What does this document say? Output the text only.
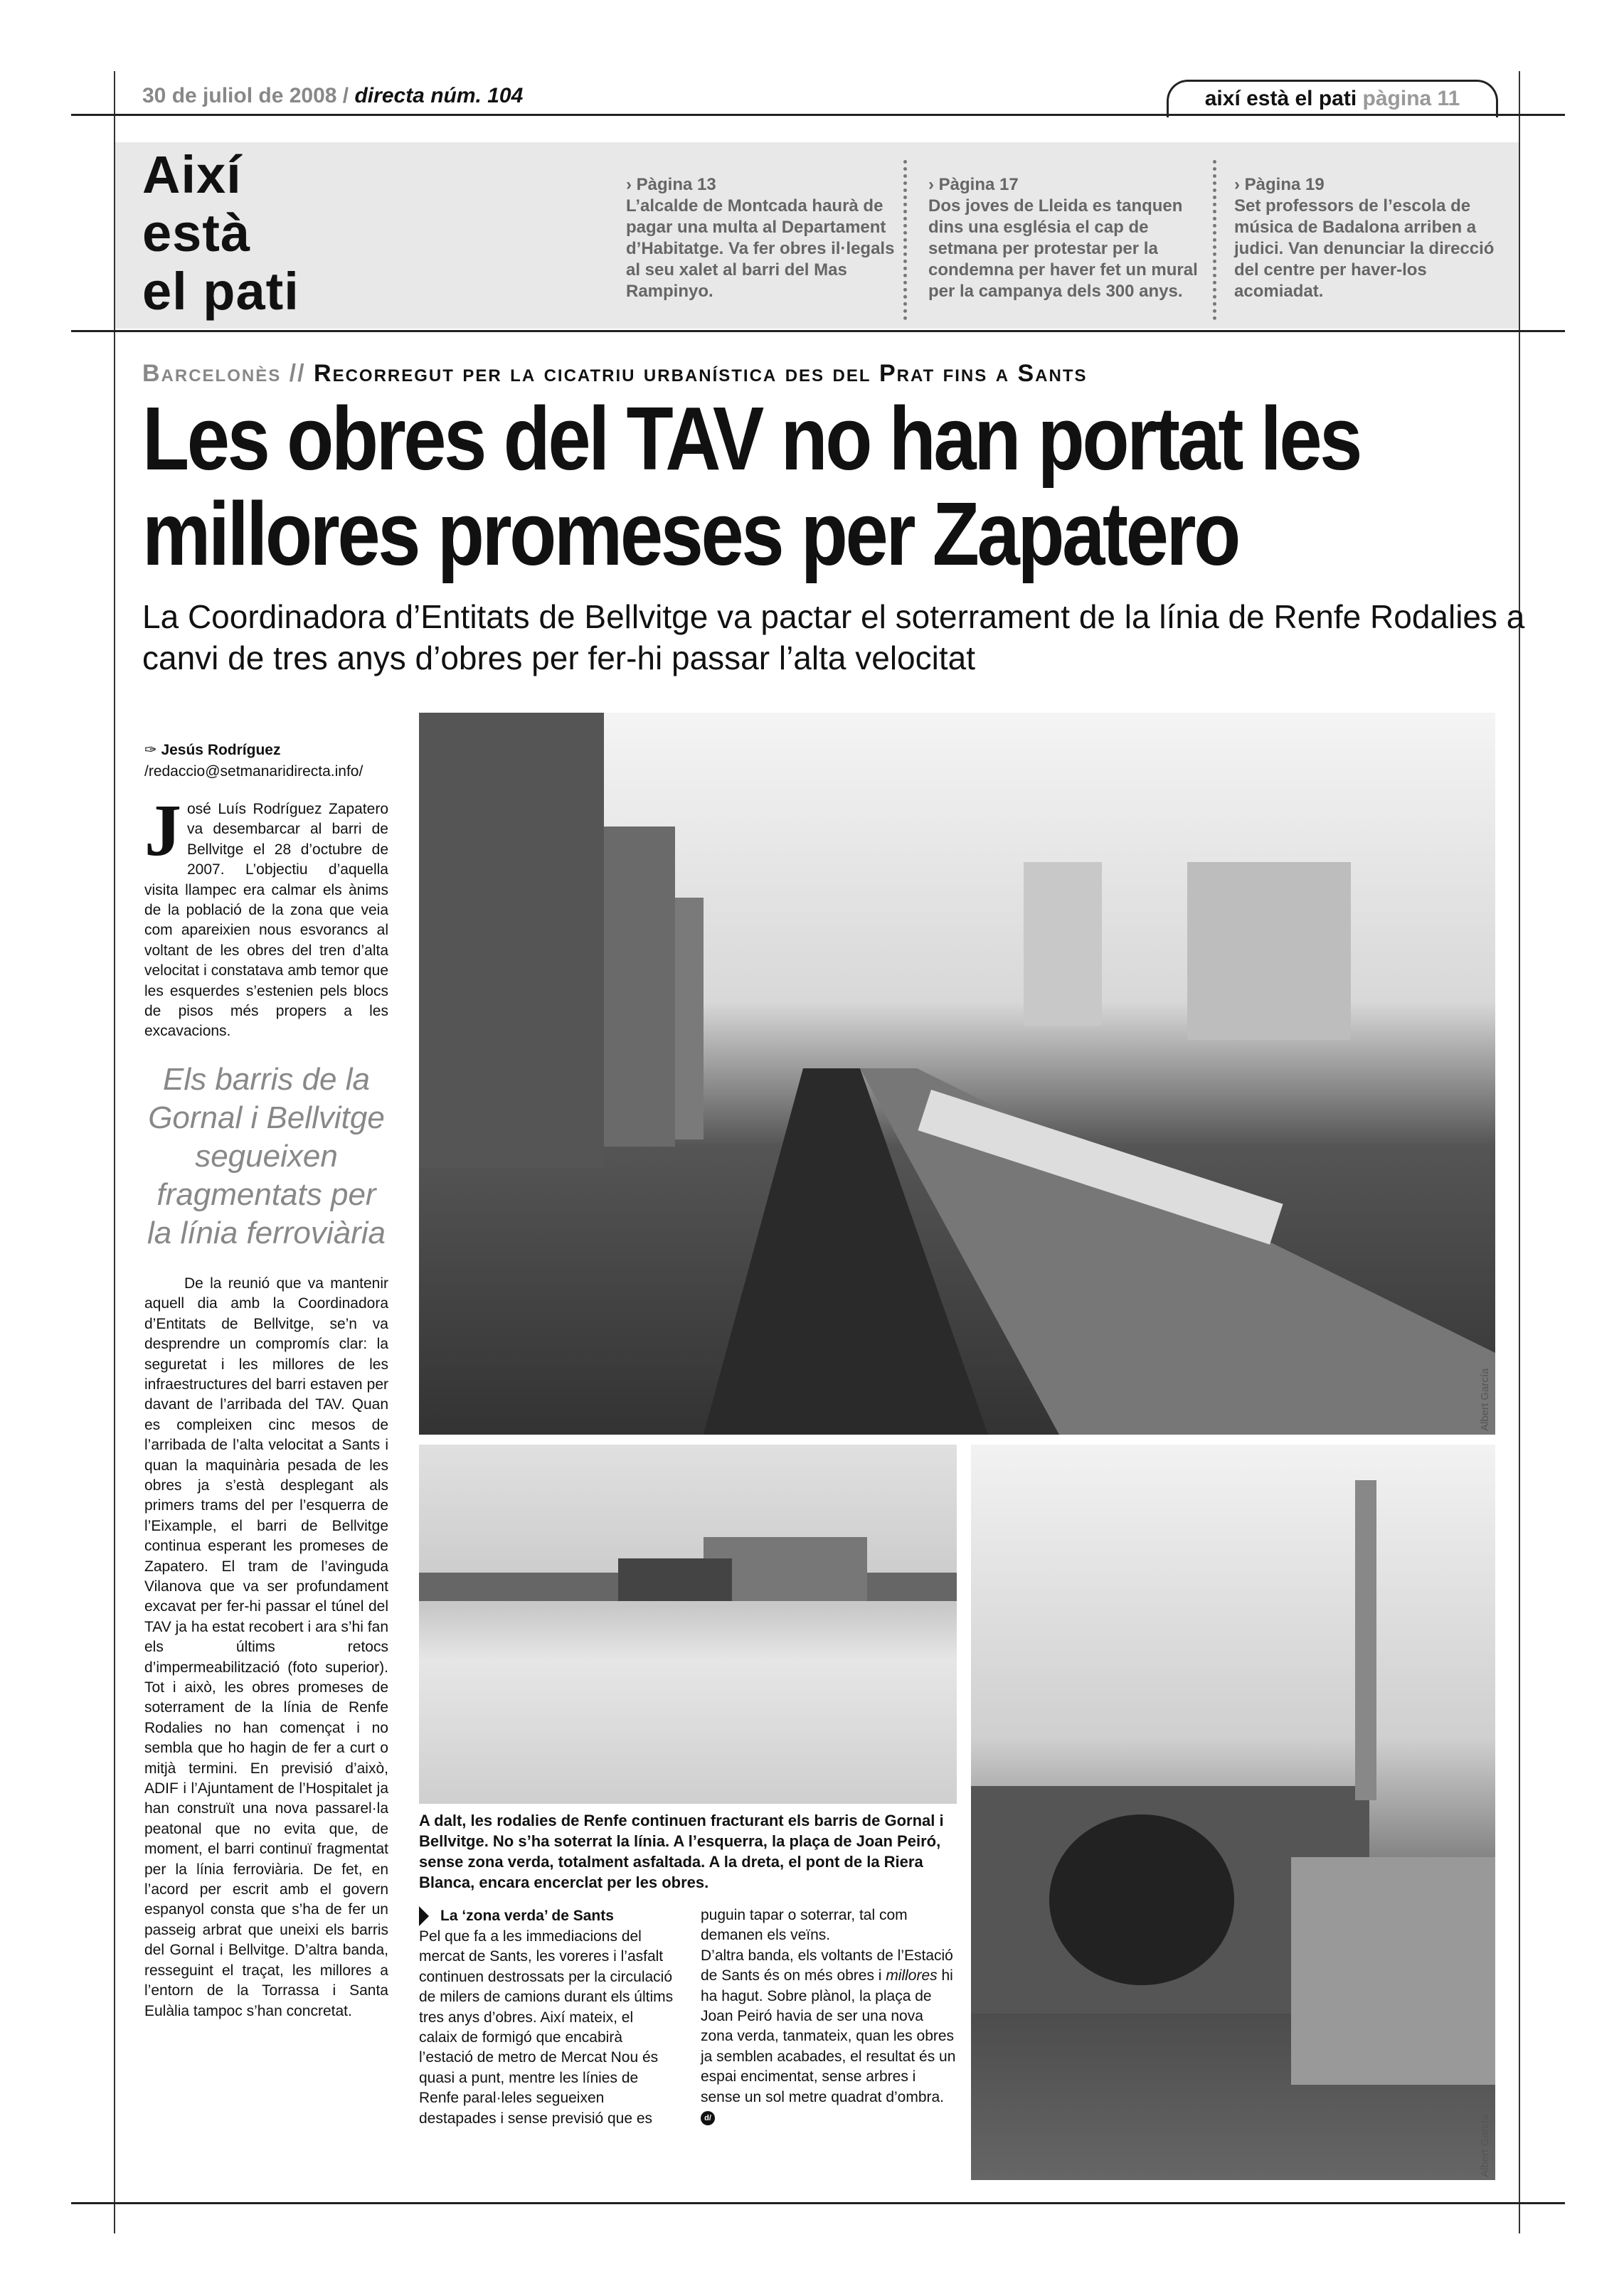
30 de juliol de 2008 / directa núm. 104	així està el pati pàgina 11
Així
està
el pati
› Pàgina 13
L’alcalde de Montcada haurà de pagar una multa al Departament d’Habitatge. Va fer obres il·legals al seu xalet al barri del Mas Rampinyo.
› Pàgina 17
Dos joves de Lleida es tanquen dins una església el cap de setmana per protestar per la condemna per haver fet un mural per la campanya dels 300 anys.
› Pàgina 19
Set professors de l’escola de música de Badalona arriben a judici. Van denunciar la direcció del centre per haver-los acomiadat.
Barcelonès // Recorregut per la cicatriu urbanística des del Prat fins a Sants
Les obres del TAV no han portat les millores promeses per Zapatero
La Coordinadora d’Entitats de Bellvitge va pactar el soterrament de la línia de Renfe Rodalies a canvi de tres anys d’obres per fer-hi passar l’alta velocitat
✑ Jesús Rodríguez
/redaccio@setmanaridirecta.info/
José Luís Rodríguez Zapatero va desembarcar al barri de Bellvitge el 28 d’octubre de 2007. L’objectiu d’aquella visita llampec era calmar els ànims de la població de la zona que veia com apareixien nous esvorancs al voltant de les obres del tren d’alta velocitat i constatava amb temor que les esquerdes s’estenien pels blocs de pisos més propers a les excavacions.
Els barris de la Gornal i Bellvitge segueixen fragmentats per la línia ferroviària
De la reunió que va mantenir aquell dia amb la Coordinadora d’Entitats de Bellvitge, se’n va desprendre un compromís clar: la seguretat i les millores de les infraestructures del barri estaven per davant de l’arribada del TAV. Quan es compleixen cinc mesos de l’arribada de l’alta velocitat a Sants i quan la maquinària pesada de les obres ja s’està desplegant als primers trams del per l’esquerra de l’Eixample, el barri de Bellvitge continua esperant les promeses de Zapatero. El tram de l’avinguda Vilanova que va ser profundament excavat per fer-hi passar el túnel del TAV ja ha estat recobert i ara s’hi fan els últims retocs d’impermeabilització (foto superior). Tot i això, les obres promeses de soterrament de la línia de Renfe Rodalies no han començat i no sembla que ho hagin de fer a curt o mitjà termini. En previsió d’això, ADIF i l’Ajuntament de l’Hospitalet ja han construït una nova passarel·la peatonal que no evita que, de moment, el barri continuï fragmentat per la línia ferroviària. De fet, en l’acord per escrit amb el govern espanyol consta que s’ha de fer un passeig arbrat que uneixi els barris del Gornal i Bellvitge. D’altra banda, resseguint el traçat, les millores a l’entorn de la Torrassa i Santa Eulàlia tampoc s’han concretat.
Albert García
Albert García
A dalt, les rodalies de Renfe continuen fracturant els barris de Gornal i Bellvitge. No s’ha soterrat la línia. A l’esquerra, la plaça de Joan Peiró, sense zona verda, totalment asfaltada. A la dreta, el pont de la Riera Blanca, encara encerclat per les obres.
La ‘zona verda’ de Sants
Pel que fa a les immediacions del mercat de Sants, les voreres i l’asfalt continuen destrossats per la circulació de milers de camions durant els últims tres anys d’obres. Així mateix, el calaix de formigó que encabirà l’estació de metro de Mercat Nou és quasi a punt, mentre les línies de Renfe paral·leles segueixen destapades i sense previsió que es puguin tapar o soterrar, tal com demanen els veïns.
D’altra banda, els voltants de l’Estació de Sants és on més obres i millores hi ha hagut. Sobre plànol, la plaça de Joan Peiró havia de ser una nova zona verda, tanmateix, quan les obres ja semblen acabades, el resultat és un espai encimentat, sense arbres i sense un sol metre quadrat d’ombra. d/
